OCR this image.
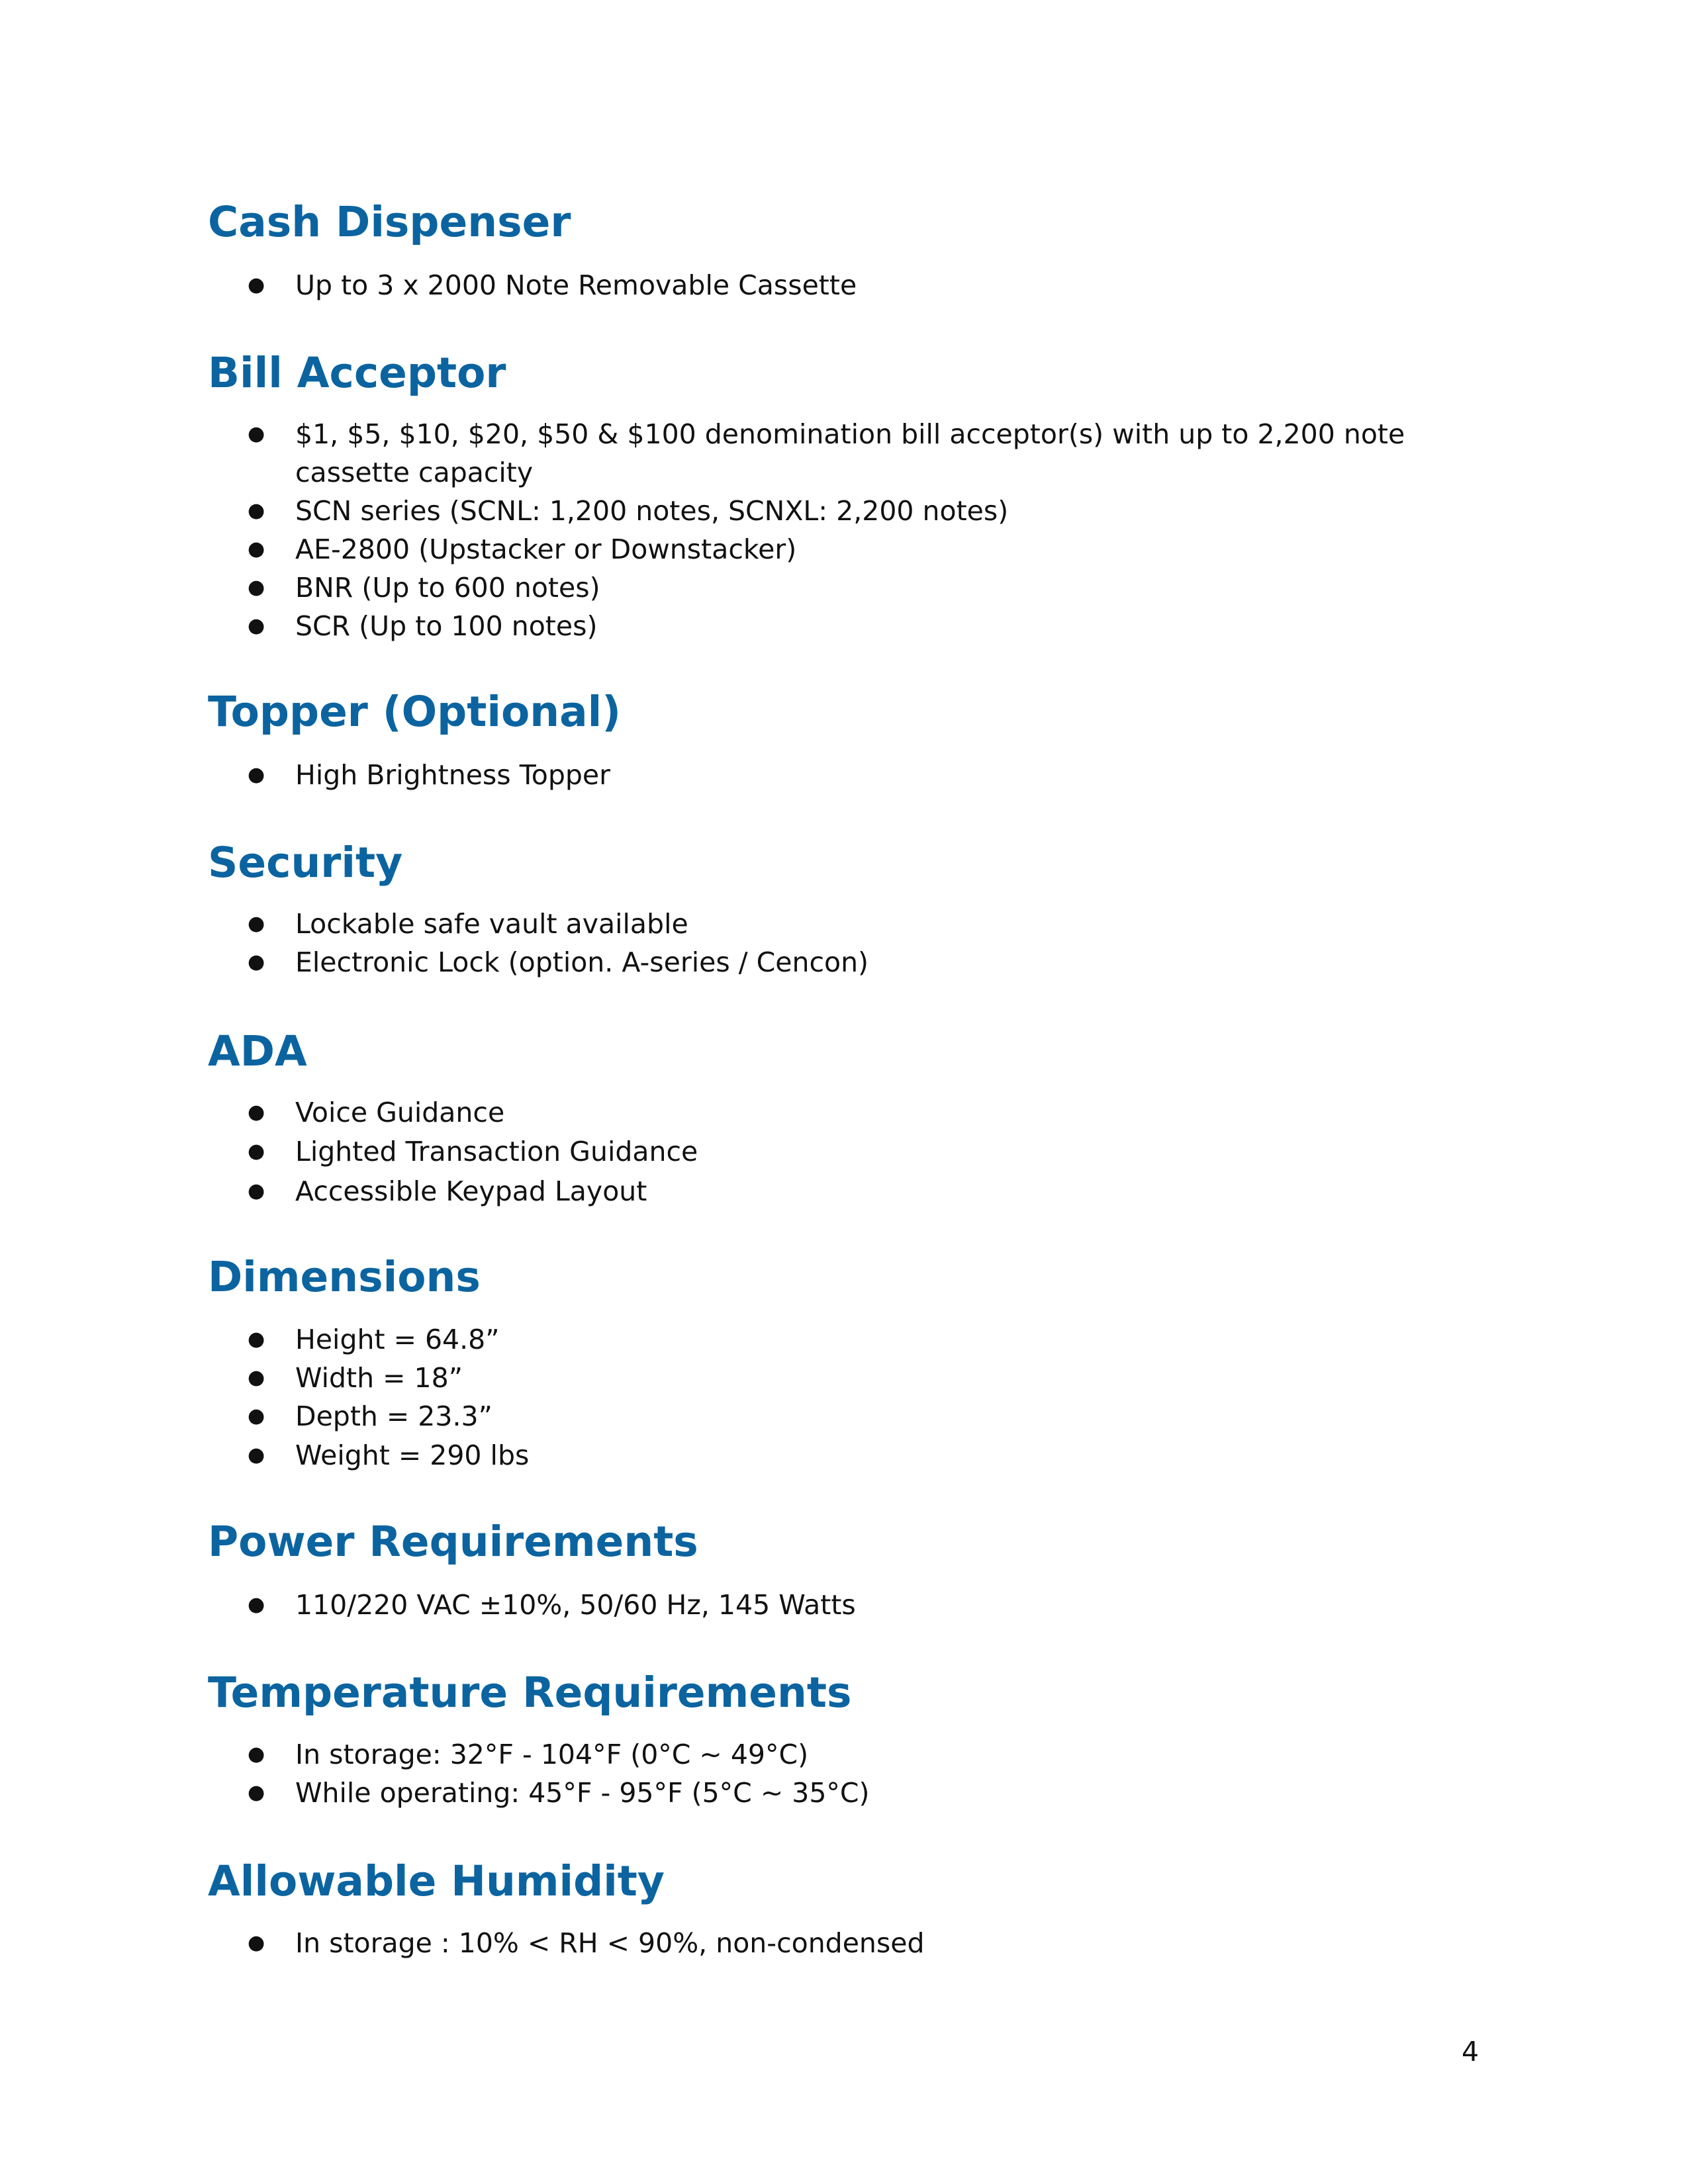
Cash Dispenser
● Up to 3 x 2000 Note Removable Cassette
Bill Acceptor
● $1, $5, $10, $20, $50 & $100 denomination bill acceptor(s) with up to 2,200 note cassette capacity
● SCN series (SCNL: 1,200 notes, SCNXL: 2,200 notes)
● AE-2800 (Upstacker or Downstacker)
● BNR (Up to 600 notes)
● SCR (Up to 100 notes)
Topper (Optional)
● High Brightness Topper
Security
● Lockable safe vault available
● Electronic Lock (option. A-series / Cencon)
ADA
● Voice Guidance
● Lighted Transaction Guidance
● Accessible Keypad Layout
Dimensions
● Height = 64.8”
● Width = 18”
● Depth = 23.3”
● Weight = 290 lbs
Power Requirements
● 110/220 VAC ±10%, 50/60 Hz, 145 Watts
Temperature Requirements
● In storage: 32°F - 104°F (0°C ~ 49°C)
● While operating: 45°F - 95°F (5°C ~ 35°C)
Allowable Humidity
● In storage : 10% < RH < 90%, non-condensed
4
